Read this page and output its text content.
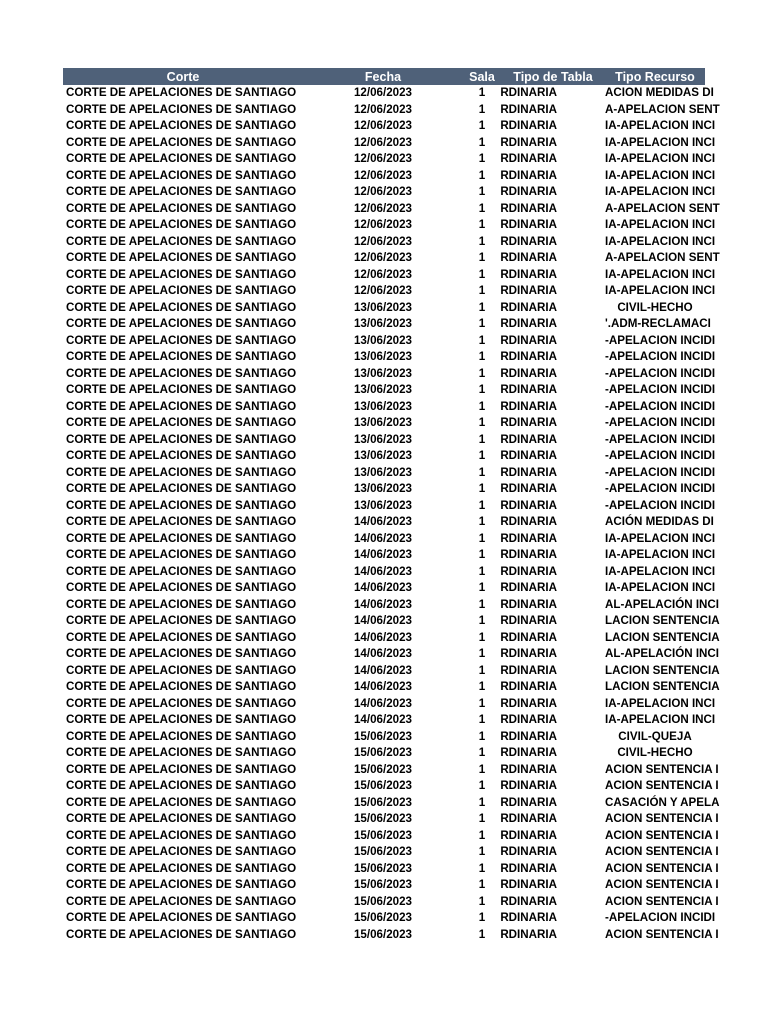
Corte	Fecha	Sala	Tipo de Tabla	Tipo Recurso
CORTE DE APELACIONES DE SANTIAGO	12/06/2023	1	RDINARIA	ACION MEDIDAS DI

CORTE DE APELACIONES DE SANTIAGO	12/06/2023	1	RDINARIA	A-APELACION SENT

CORTE DE APELACIONES DE SANTIAGO	12/06/2023	1	RDINARIA	IA-APELACION INCI

CORTE DE APELACIONES DE SANTIAGO	12/06/2023	1	RDINARIA	IA-APELACION INCI

CORTE DE APELACIONES DE SANTIAGO	12/06/2023	1	RDINARIA	IA-APELACION INCI

CORTE DE APELACIONES DE SANTIAGO	12/06/2023	1	RDINARIA	IA-APELACION INCI

CORTE DE APELACIONES DE SANTIAGO	12/06/2023	1	RDINARIA	IA-APELACION INCI

CORTE DE APELACIONES DE SANTIAGO	12/06/2023	1	RDINARIA	A-APELACION SENT

CORTE DE APELACIONES DE SANTIAGO	12/06/2023	1	RDINARIA	IA-APELACION INCI

CORTE DE APELACIONES DE SANTIAGO	12/06/2023	1	RDINARIA	IA-APELACION INCI

CORTE DE APELACIONES DE SANTIAGO	12/06/2023	1	RDINARIA	A-APELACION SENT

CORTE DE APELACIONES DE SANTIAGO	12/06/2023	1	RDINARIA	IA-APELACION INCI

CORTE DE APELACIONES DE SANTIAGO	12/06/2023	1	RDINARIA	IA-APELACION INCI

CORTE DE APELACIONES DE SANTIAGO	13/06/2023	1	RDINARIA	CIVIL-HECHO

CORTE DE APELACIONES DE SANTIAGO	13/06/2023	1	RDINARIA	'.ADM-RECLAMACI

CORTE DE APELACIONES DE SANTIAGO	13/06/2023	1	RDINARIA	-APELACION INCIDI

CORTE DE APELACIONES DE SANTIAGO	13/06/2023	1	RDINARIA	-APELACION INCIDI

CORTE DE APELACIONES DE SANTIAGO	13/06/2023	1	RDINARIA	-APELACION INCIDI

CORTE DE APELACIONES DE SANTIAGO	13/06/2023	1	RDINARIA	-APELACION INCIDI

CORTE DE APELACIONES DE SANTIAGO	13/06/2023	1	RDINARIA	-APELACION INCIDI

CORTE DE APELACIONES DE SANTIAGO	13/06/2023	1	RDINARIA	-APELACION INCIDI

CORTE DE APELACIONES DE SANTIAGO	13/06/2023	1	RDINARIA	-APELACION INCIDI

CORTE DE APELACIONES DE SANTIAGO	13/06/2023	1	RDINARIA	-APELACION INCIDI

CORTE DE APELACIONES DE SANTIAGO	13/06/2023	1	RDINARIA	-APELACION INCIDI

CORTE DE APELACIONES DE SANTIAGO	13/06/2023	1	RDINARIA	-APELACION INCIDI

CORTE DE APELACIONES DE SANTIAGO	13/06/2023	1	RDINARIA	-APELACION INCIDI

CORTE DE APELACIONES DE SANTIAGO	14/06/2023	1	RDINARIA	ACIÓN MEDIDAS DI

CORTE DE APELACIONES DE SANTIAGO	14/06/2023	1	RDINARIA	IA-APELACION INCI

CORTE DE APELACIONES DE SANTIAGO	14/06/2023	1	RDINARIA	IA-APELACION INCI

CORTE DE APELACIONES DE SANTIAGO	14/06/2023	1	RDINARIA	IA-APELACION INCI

CORTE DE APELACIONES DE SANTIAGO	14/06/2023	1	RDINARIA	IA-APELACION INCI

CORTE DE APELACIONES DE SANTIAGO	14/06/2023	1	RDINARIA	AL-APELACIÓN INCI

CORTE DE APELACIONES DE SANTIAGO	14/06/2023	1	RDINARIA	LACION SENTENCIA

CORTE DE APELACIONES DE SANTIAGO	14/06/2023	1	RDINARIA	LACION SENTENCIA

CORTE DE APELACIONES DE SANTIAGO	14/06/2023	1	RDINARIA	AL-APELACIÓN INCI

CORTE DE APELACIONES DE SANTIAGO	14/06/2023	1	RDINARIA	LACION SENTENCIA

CORTE DE APELACIONES DE SANTIAGO	14/06/2023	1	RDINARIA	LACION SENTENCIA

CORTE DE APELACIONES DE SANTIAGO	14/06/2023	1	RDINARIA	IA-APELACION INCI

CORTE DE APELACIONES DE SANTIAGO	14/06/2023	1	RDINARIA	IA-APELACION INCI

CORTE DE APELACIONES DE SANTIAGO	15/06/2023	1	RDINARIA	CIVIL-QUEJA

CORTE DE APELACIONES DE SANTIAGO	15/06/2023	1	RDINARIA	CIVIL-HECHO

CORTE DE APELACIONES DE SANTIAGO	15/06/2023	1	RDINARIA	ACION SENTENCIA I

CORTE DE APELACIONES DE SANTIAGO	15/06/2023	1	RDINARIA	ACION SENTENCIA I

CORTE DE APELACIONES DE SANTIAGO	15/06/2023	1	RDINARIA	CASACIÓN Y APELA

CORTE DE APELACIONES DE SANTIAGO	15/06/2023	1	RDINARIA	ACION SENTENCIA I

CORTE DE APELACIONES DE SANTIAGO	15/06/2023	1	RDINARIA	ACION SENTENCIA I

CORTE DE APELACIONES DE SANTIAGO	15/06/2023	1	RDINARIA	ACION SENTENCIA I

CORTE DE APELACIONES DE SANTIAGO	15/06/2023	1	RDINARIA	ACION SENTENCIA I

CORTE DE APELACIONES DE SANTIAGO	15/06/2023	1	RDINARIA	ACION SENTENCIA I

CORTE DE APELACIONES DE SANTIAGO	15/06/2023	1	RDINARIA	ACION SENTENCIA I

CORTE DE APELACIONES DE SANTIAGO	15/06/2023	1	RDINARIA	-APELACION INCIDI

CORTE DE APELACIONES DE SANTIAGO	15/06/2023	1	RDINARIA	ACION SENTENCIA I
